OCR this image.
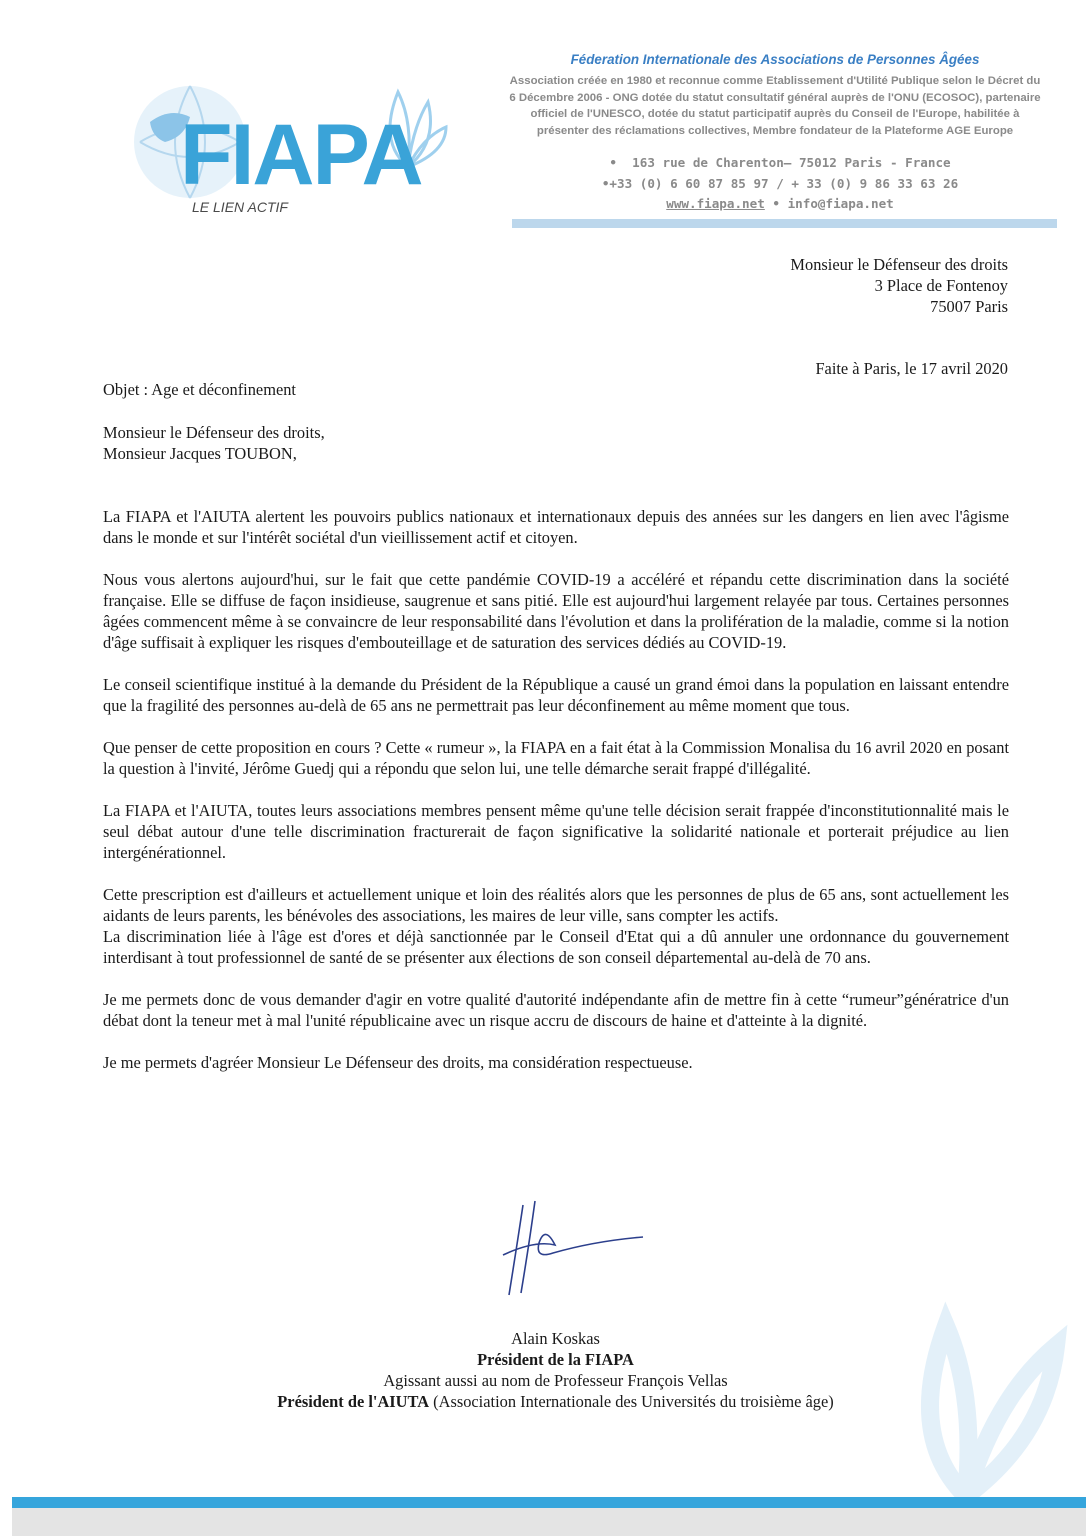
FIAPA
LE LIEN ACTIF
Féderation Internationale des Associations de Personnes Âgées
Association créée en 1980 et reconnue comme Etablissement d'Utilité Publique selon le Décret du
6 Décembre 2006 - ONG dotée du statut consultatif général auprès de l'ONU (ECOSOC), partenaire
officiel de l'UNESCO, dotée du statut participatif auprès du Conseil de l'Europe, habilitée à
présenter des réclamations collectives, Membre fondateur de la Plateforme AGE Europe
• 163 rue de Charenton– 75012 Paris - France
•+33 (0) 6 60 87 85 97 / + 33 (0) 9 86 33 63 26
www.fiapa.net • info@fiapa.net
Monsieur le Défenseur des droits
3 Place de Fontenoy
75007 Paris
Faite à Paris, le 17 avril 2020
Objet : Age et déconfinement
Monsieur le Défenseur des droits,
Monsieur Jacques TOUBON,

La FIAPA et l'AIUTA alertent les pouvoirs publics nationaux et internationaux depuis des années sur les dangers en lien avec l'âgisme dans le monde et sur l'intérêt sociétal d'un vieillissement actif et citoyen.

Nous vous alertons aujourd'hui, sur le fait que cette pandémie COVID-19 a accéléré et répandu cette discrimination dans la société française. Elle se diffuse de façon insidieuse, saugrenue et sans pitié. Elle est aujourd'hui largement relayée par tous. Certaines personnes âgées commencent même à se convaincre de leur responsabilité dans l'évolution et dans la prolifération de la maladie, comme si la notion d'âge suffisait à expliquer les risques d'embouteillage et de saturation des services dédiés au COVID-19.

Le conseil scientifique institué à la demande du Président de la République a causé un grand émoi dans la population en laissant entendre que la fragilité des personnes au-delà de 65 ans ne permettrait pas leur déconfinement au même moment que tous.

Que penser de cette proposition en cours ? Cette « rumeur », la FIAPA en a fait état à la Commission Monalisa du 16 avril 2020 en posant la question à l'invité, Jérôme Guedj qui a répondu que selon lui, une telle démarche serait frappé d'illégalité.

La FIAPA et l'AIUTA, toutes leurs associations membres pensent même qu'une telle décision serait frappée d'inconstitutionnalité mais le seul débat autour d'une telle discrimination fracturerait de façon significative la solidarité nationale et porterait préjudice au lien intergénérationnel.

Cette prescription est d'ailleurs et actuellement unique et loin des réalités alors que les personnes de plus de 65 ans, sont actuellement les aidants de leurs parents, les bénévoles des associations, les maires de leur ville, sans compter les actifs.

La discrimination liée à l'âge est d'ores et déjà sanctionnée par le Conseil d'Etat qui a dû annuler une ordonnance du gouvernement interdisant à tout professionnel de santé de se présenter aux élections de son conseil départemental au-delà de 70 ans.

Je me permets donc de vous demander d'agir en votre qualité d'autorité indépendante afin de mettre fin à cette “rumeur”génératrice d'un débat dont la teneur met à mal l'unité républicaine avec un risque accru de discours de haine et d'atteinte à la dignité.

Je me permets d'agréer Monsieur Le Défenseur des droits, ma considération respectueuse.

Alain Koskas
Président de la FIAPA
Agissant aussi au nom de Professeur François Vellas
Président de l'AIUTA (Association Internationale des Universités du troisième âge)
